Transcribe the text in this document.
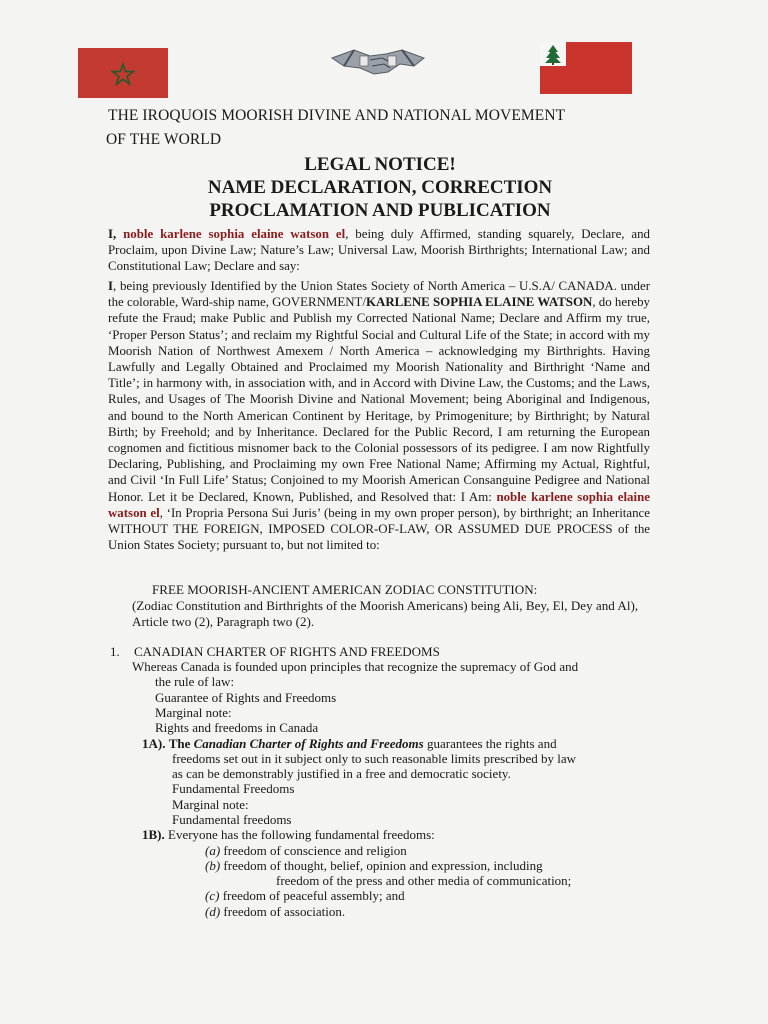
THE IROQUOIS MOORISH DIVINE AND NATIONAL MOVEMENT
OF THE WORLD
LEGAL NOTICE!
NAME DECLARATION, CORRECTION
PROCLAMATION AND PUBLICATION
I, noble karlene sophia elaine watson el, being duly Affirmed, standing squarely, Declare, and Proclaim, upon Divine Law; Nature’s Law; Universal Law, Moorish Birthrights; International Law; and Constitutional Law; Declare and say:
I, being previously Identified by the Union States Society of North America – U.S.A/ CANADA. under the colorable, Ward-ship name, GOVERNMENT/KARLENE SOPHIA ELAINE WATSON, do hereby refute the Fraud; make Public and Publish my Corrected National Name; Declare and Affirm my true, ‘Proper Person Status’; and reclaim my Rightful Social and Cultural Life of the State; in accord with my Moorish Nation of Northwest Amexem / North America – acknowledging my Birthrights. Having Lawfully and Legally Obtained and Proclaimed my Moorish Nationality and Birthright ‘Name and Title’; in harmony with, in association with, and in Accord with Divine Law, the Customs; and the Laws, Rules, and Usages of The Moorish Divine and National Movement; being Aboriginal and Indigenous, and bound to the North American Continent by Heritage, by Primogeniture; by Birthright; by Natural Birth; by Freehold; and by Inheritance. Declared for the Public Record, I am returning the European cognomen and fictitious misnomer back to the Colonial possessors of its pedigree. I am now Rightfully Declaring, Publishing, and Proclaiming my own Free National Name; Affirming my Actual, Rightful, and Civil ‘In Full Life’ Status; Conjoined to my Moorish American Consanguine Pedigree and National Honor. Let it be Declared, Known, Published, and Resolved that: I Am: noble karlene sophia elaine watson el, ‘In Propria Persona Sui Juris’ (being in my own proper person), by birthright; an Inheritance WITHOUT THE FOREIGN, IMPOSED COLOR-OF-LAW, OR ASSUMED DUE PROCESS of the Union States Society; pursuant to, but not limited to:
FREE MOORISH-ANCIENT AMERICAN ZODIAC CONSTITUTION:
(Zodiac Constitution and Birthrights of the Moorish Americans) being Ali, Bey, El, Dey and Al), Article two (2), Paragraph two (2).
1. CANADIAN CHARTER OF RIGHTS AND FREEDOMS
Whereas Canada is founded upon principles that recognize the supremacy of God and
the rule of law:
Guarantee of Rights and Freedoms
Marginal note:
Rights and freedoms in Canada
1A). The Canadian Charter of Rights and Freedoms guarantees the rights and
freedoms set out in it subject only to such reasonable limits prescribed by law
as can be demonstrably justified in a free and democratic society.
Fundamental Freedoms
Marginal note:
Fundamental freedoms
1B). Everyone has the following fundamental freedoms:
(a) freedom of conscience and religion
(b) freedom of thought, belief, opinion and expression, including
freedom of the press and other media of communication;
(c) freedom of peaceful assembly; and
(d) freedom of association.
